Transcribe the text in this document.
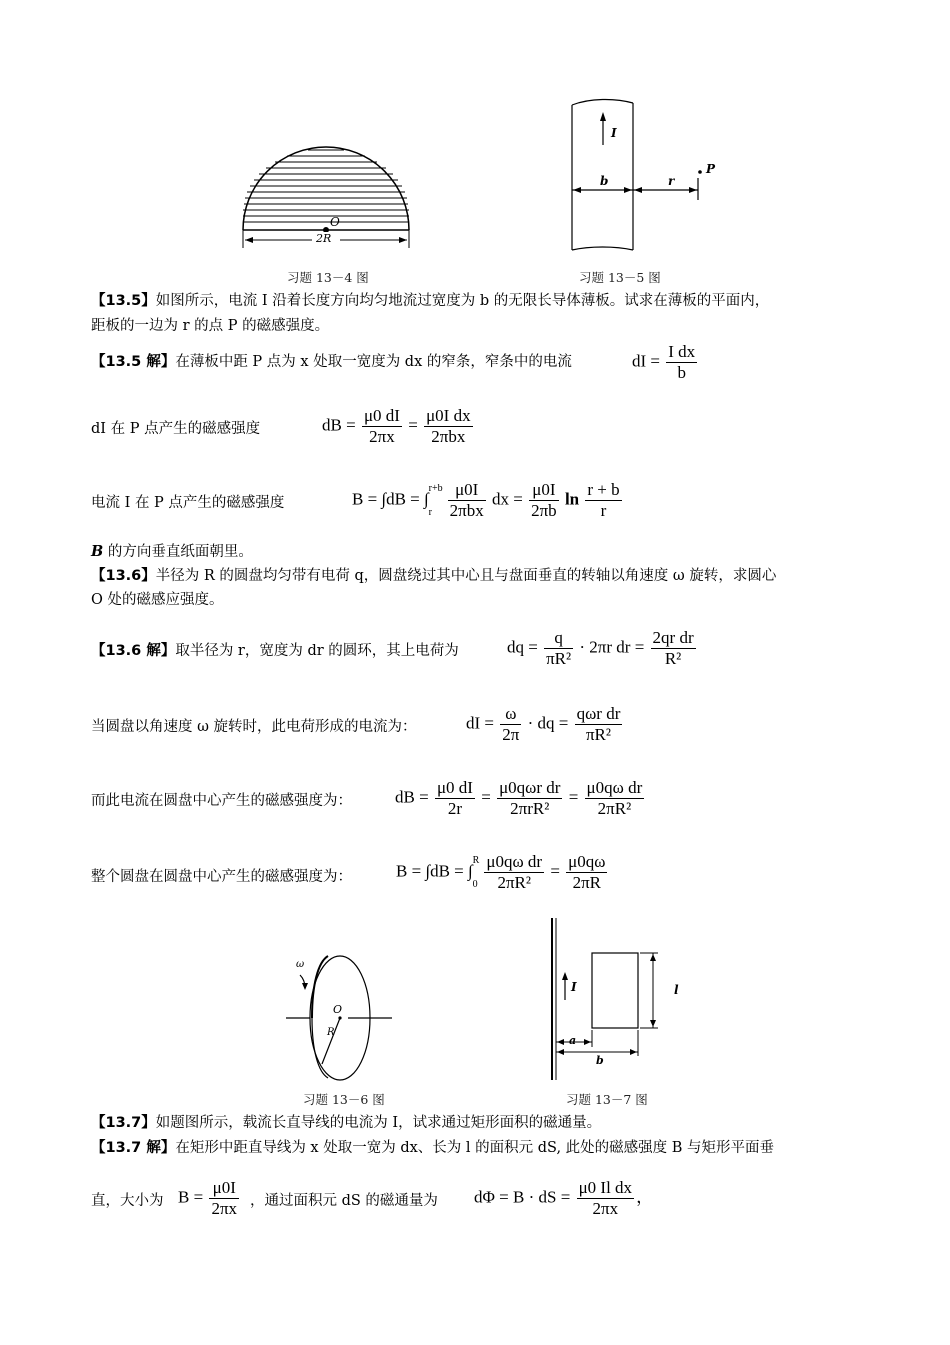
O
2R
习题 13－4 图
I
b	r
P
习题 13－5 图
【13.5】如图所示，电流 I 沿着长度方向均匀地流过宽度为 b 的无限长导体薄板。试求在薄板的平面内，
距板的一边为 r 的点 P 的磁感强度。
【13.5 解】在薄板中距 P 点为 x 处取一宽度为 dx 的窄条，窄条中的电流	dI = $\frac{\text{I dx}}{b}$
dI 在 P 点产生的磁感强度	dB = $\frac{\mu 0 dI}{2\pi x} = \frac{\text{μ0I dx}}{\text{2πbx}}$
电流 I 在 P 点产生的磁感强度	B = ∫dB = ∫
r+b
r $\frac{\mu 0I}{\text{2πbx}}$ dx = $\frac{\mu 0I}{2\pi b}$ $\ln \frac{r + b}{r}$
B 的方向垂直纸面朝里。
【13.6】半径为 R 的圆盘均匀带有电荷 q，圆盘绕过其中心且与盘面垂直的转轴以角速度 ω 旋转，求圆心
O 处的磁感应强度。
【13.6 解】取半径为 r，宽度为 dr 的圆环，其上电荷为	dq = $\frac{q}{\text{πR²}} \cdot 2\pi r$ dr = $\frac{\text{2qr dr}}{\text{R²}}$
当圆盘以角速度 ω 旋转时，此电荷形成的电流为：	dI = $\frac{\omega}{2\pi}$ · dq = $\frac{\text{qωr dr}}{\text{πR²}}$
而此电流在圆盘中心产生的磁感强度为：	dB = $\frac{\mu 0 dI}{2r} = \frac{\text{μ0qωr dr}}{\text{2πrR²}} = \frac{\text{μ0qω dr}}{\text{2πR²}}$
整个圆盘在圆盘中心产生的磁感强度为：	B = ∫dB = ∫
R
$0 \frac{\text{μ0qω dr}}{\text{2πR²}} = \frac{\mu 0q\omega}{2\pi R}$
ω
O
R
习题 13－6 图
I	l
a
b
习题 13－7 图
【13.7】如题图所示，载流长直导线的电流为 I，试求通过矩形面积的磁通量。
【13.7 解】在矩形中距直导线为 x 处取一宽为 dx、长为 l 的面积元 dS, 此处的磁感强度 B 与矩形平面垂
直，大小为 $B = \frac{\mu 0I}{2\pi x}$ ，通过面积元 dS 的磁通量为 dΦ = B · dS = $\frac{\text{μ0 Il dx}}{2\pi x}$ ，
